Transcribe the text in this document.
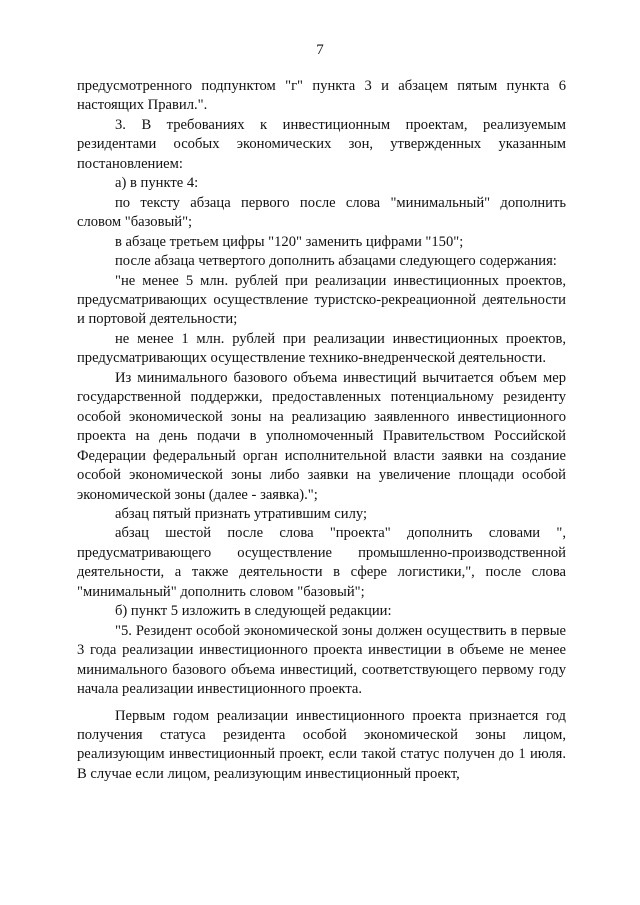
7

предусмотренного подпунктом "г" пункта 3 и абзацем пятым пункта 6 настоящих Правил.".

3. В требованиях к инвестиционным проектам, реализуемым резидентами особых экономических зон, утвержденных указанным постановлением:

а) в пункте 4:

по тексту абзаца первого после слова "минимальный" дополнить словом "базовый";

в абзаце третьем цифры "120" заменить цифрами "150";

после абзаца четвертого дополнить абзацами следующего содержания:

"не менее 5 млн. рублей при реализации инвестиционных проектов, предусматривающих осуществление туристско-рекреационной деятельности и портовой деятельности;

не менее 1 млн. рублей при реализации инвестиционных проектов, предусматривающих осуществление технико-внедренческой деятельности.

Из минимального базового объема инвестиций вычитается объем мер государственной поддержки, предоставленных потенциальному резиденту особой экономической зоны на реализацию заявленного инвестиционного проекта на день подачи в уполномоченный Правительством Российской Федерации федеральный орган исполнительной власти заявки на создание особой экономической зоны либо заявки на увеличение площади особой экономической зоны (далее - заявка).";

абзац пятый признать утратившим силу;

абзац шестой после слова "проекта" дополнить словами ", предусматривающего осуществление промышленно-производственной деятельности, а также деятельности в сфере логистики,", после слова "минимальный" дополнить словом "базовый";

б) пункт 5 изложить в следующей редакции:

"5. Резидент особой экономической зоны должен осуществить в первые 3 года реализации инвестиционного проекта инвестиции в объеме не менее минимального базового объема инвестиций, соответствующего первому году начала реализации инвестиционного проекта.

Первым годом реализации инвестиционного проекта признается год получения статуса резидента особой экономической зоны лицом, реализующим инвестиционный проект, если такой статус получен до 1 июля. В случае если лицом, реализующим инвестиционный проект,
